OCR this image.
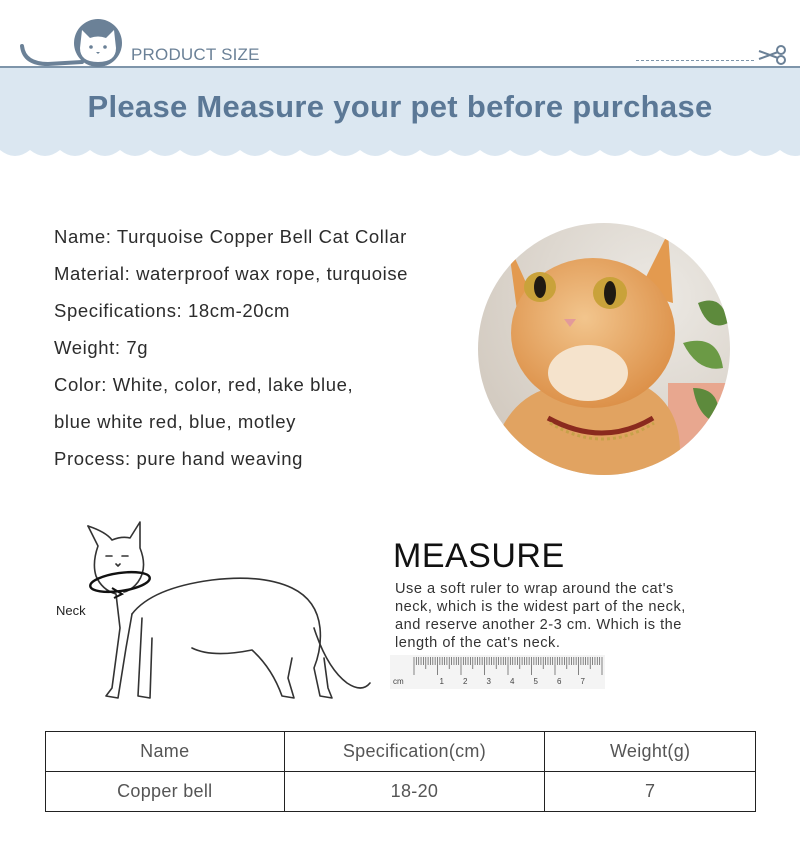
PRODUCT SIZE
Please Measure your pet before purchase
Name: Turquoise Copper Bell Cat Collar
Material: waterproof wax rope, turquoise
Specifications: 18cm-20cm
Weight: 7g
Color: White, color, red, lake blue,
blue white red, blue, motley
Process: pure hand weaving
Neck
MEASURE
Use a soft ruler to wrap around the cat's
neck, which is the widest part of the neck,
and reserve another 2-3 cm. Which is the
length of the cat's neck.
cm	1 2 3 4 5 6 7
Name	Specification(cm)	Weight(g)
Copper bell	18-20	7
